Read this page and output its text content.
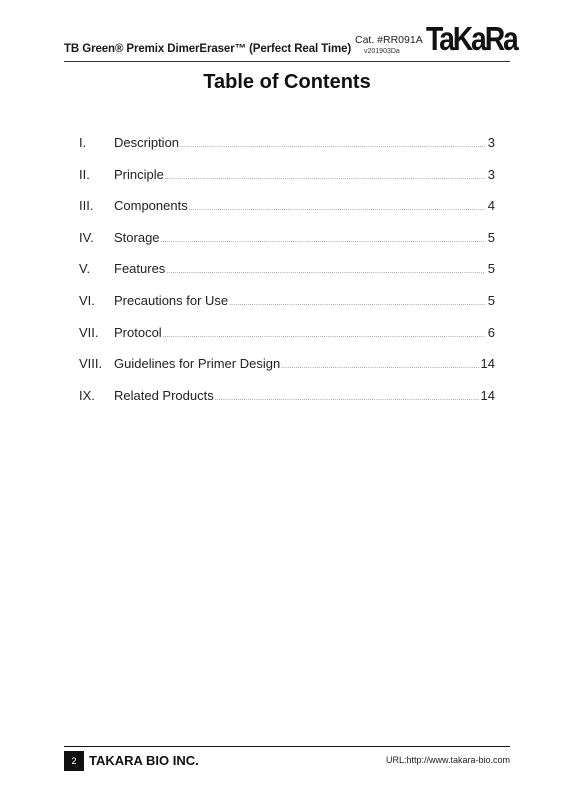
TB Green® Premix DimerEraser™ (Perfect Real Time)
Cat. #RR091A
v201903Da TaKaRa
Table of Contents
I.	Description .....	3
II.	Principle .....	3
III.	Components .....	4
IV.	Storage .....	5
V.	Features .....	5
VI.	Precautions for Use .....	5
VII.	Protocol .....	6
VIII. Guidelines for Primer Design .....	14
IX.	Related Products .....	14
2 TAKARA BIO INC.	URL:http://www.takara-bio.com
